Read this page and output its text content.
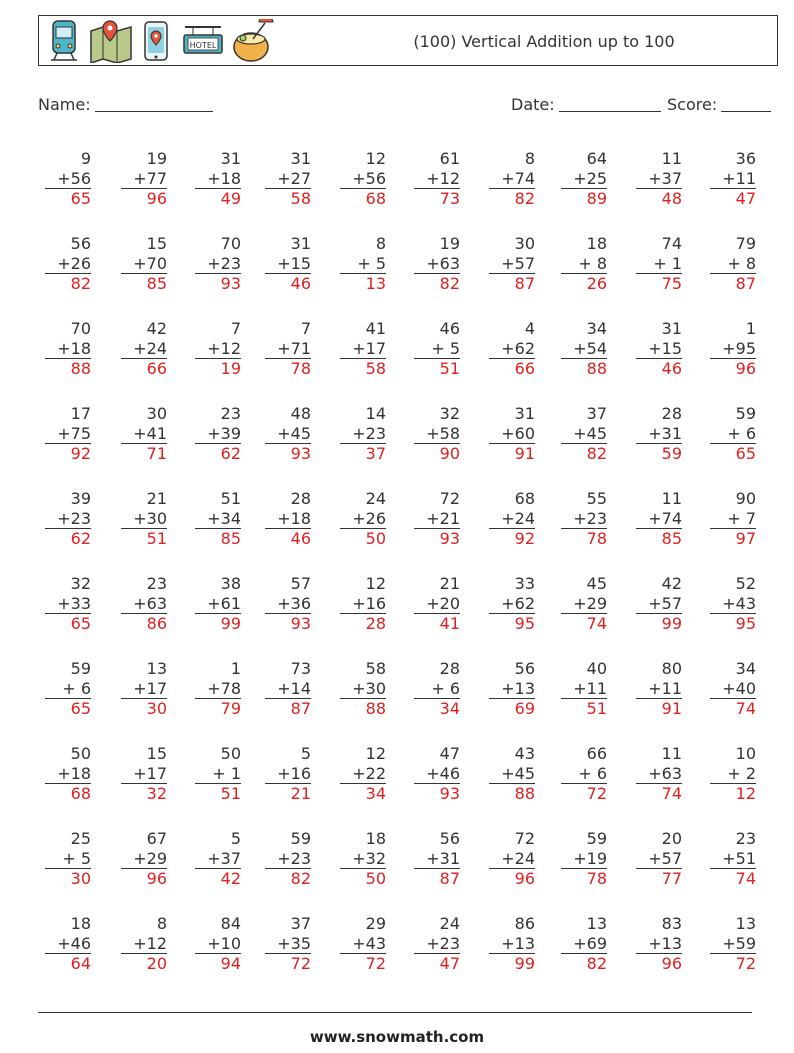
HOTEL	(100) Vertical Addition up to 100
Name:	Date:	Score:
9
+56
65
19
+77
96
31
+18
49
31
+27
58
12
+56
68
61
+12
73
8
+74
82
64
+25
89
11
+37
48
36
+11
47
56
+26
82
15
+70
85
70
+23
93
31
+15
46
8
+ 5
13
19
+63
82
30
+57
87
18
+ 8
26
74
+ 1
75
79
+ 8
87
70
+18
88
42
+24
66
7
+12
19
7
+71
78
41
+17
58
46
+ 5
51
4
+62
66
34
+54
88
31
+15
46
1
+95
96
17
+75
92
30
+41
71
23
+39
62
48
+45
93
14
+23
37
32
+58
90
31
+60
91
37
+45
82
28
+31
59
59
+ 6
65
39
+23
62
21
+30
51
51
+34
85
28
+18
46
24
+26
50
72
+21
93
68
+24
92
55
+23
78
11
+74
85
90
+ 7
97
32
+33
65
23
+63
86
38
+61
99
57
+36
93
12
+16
28
21
+20
41
33
+62
95
45
+29
74
42
+57
99
52
+43
95
59
+ 6
65
13
+17
30
1
+78
79
73
+14
87
58
+30
88
28
+ 6
34
56
+13
69
40
+11
51
80
+11
91
34
+40
74
50
+18
68
15
+17
32
50
+ 1
51
5
+16
21
12
+22
34
47
+46
93
43
+45
88
66
+ 6
72
11
+63
74
10
+ 2
12
25
+ 5
30
67
+29
96
5
+37
42
59
+23
82
18
+32
50
56
+31
87
72
+24
96
59
+19
78
20
+57
77
23
+51
74
18
+46
64
8
+12
20
84
+10
94
37
+35
72
29
+43
72
24
+23
47
86
+13
99
13
+69
82
83
+13
96
13
+59
72
www.snowmath.com
